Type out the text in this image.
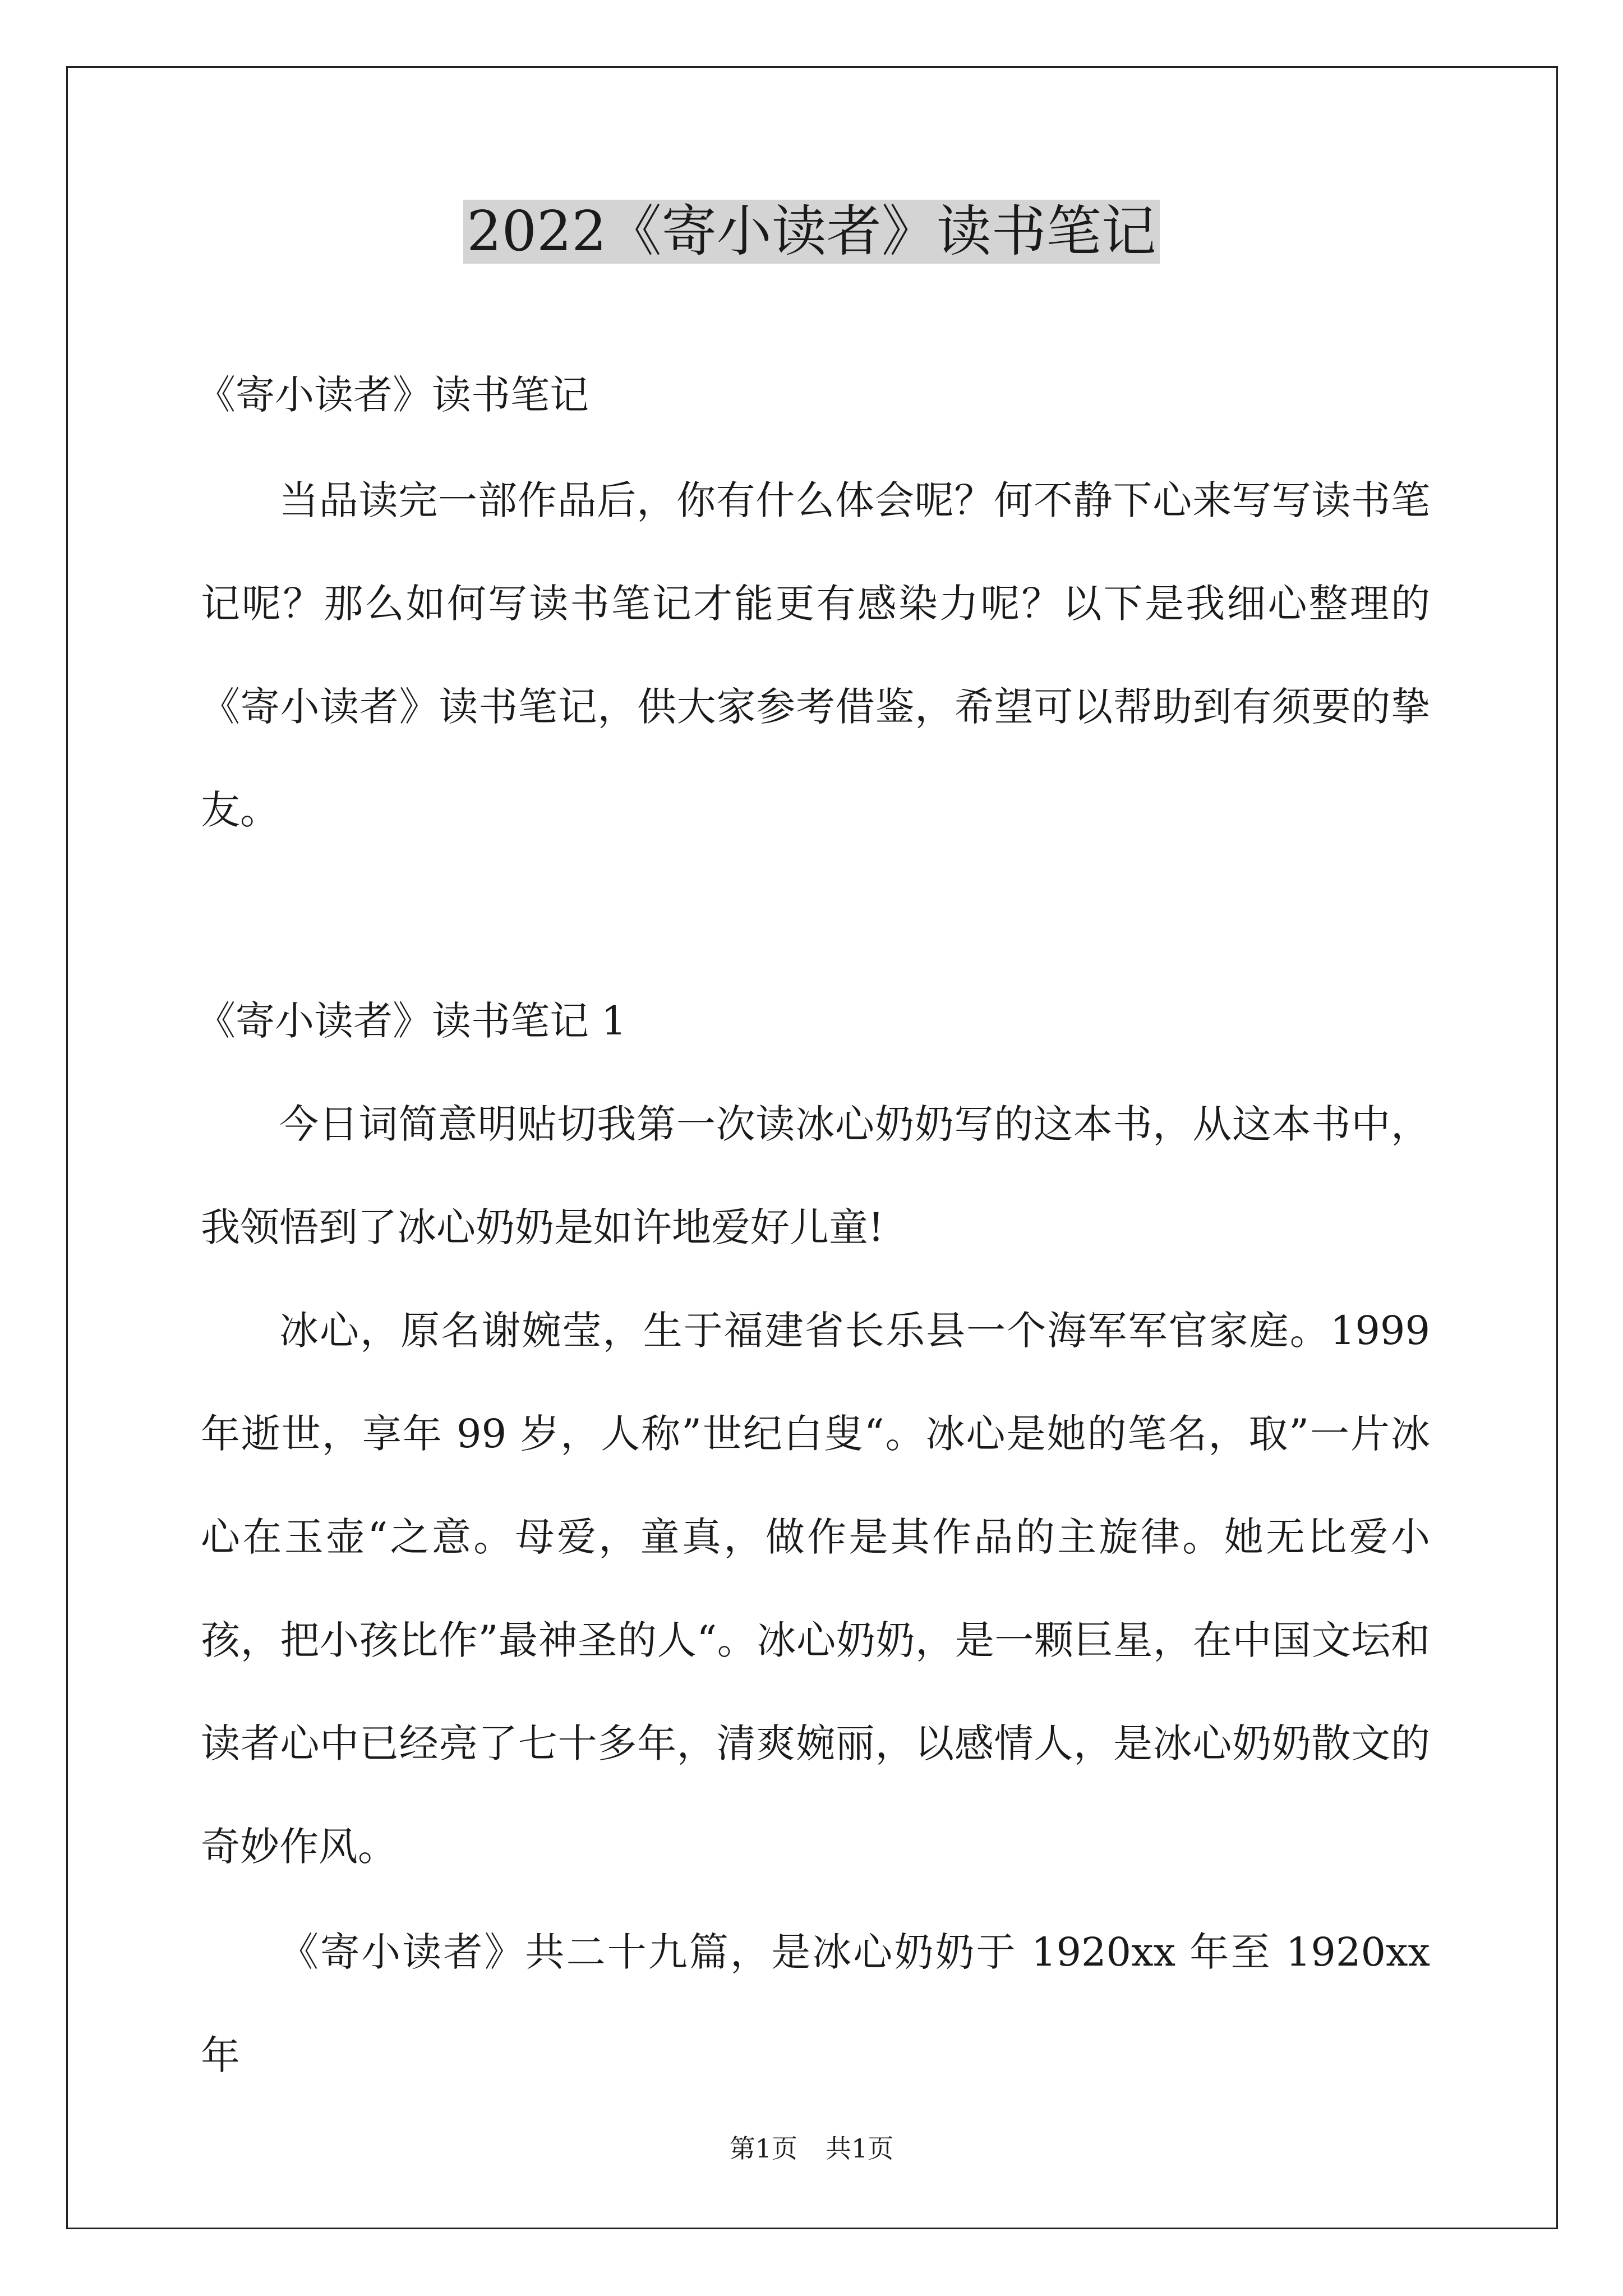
2022《寄小读者》读书笔记

《寄小读者》读书笔记

当品读完一部作品后，你有什么体会呢？何不静下心来写写读书笔记呢？那么如何写读书笔记才能更有感染力呢？以下是我细心整理的《寄小读者》读书笔记，供大家参考借鉴，希望可以帮助到有须要的挚友。

《寄小读者》读书笔记 1

今日词简意明贴切我第一次读冰心奶奶写的这本书，从这本书中，我领悟到了冰心奶奶是如许地爱好儿童!

冰心，原名谢婉莹，生于福建省长乐县一个海军军官家庭。1999 年逝世，享年 99 岁，人称”世纪白叟“。冰心是她的笔名，取”一片冰心在玉壶“之意。母爱，童真，做作是其作品的主旋律。她无比爱小孩，把小孩比作”最神圣的人“。冰心奶奶，是一颗巨星，在中国文坛和读者心中已经亮了七十多年，清爽婉丽，以感情人，是冰心奶奶散文的奇妙作风。

《寄小读者》共二十九篇，是冰心奶奶于 1920xx 年至 1920xx 年

第1页 共1页
